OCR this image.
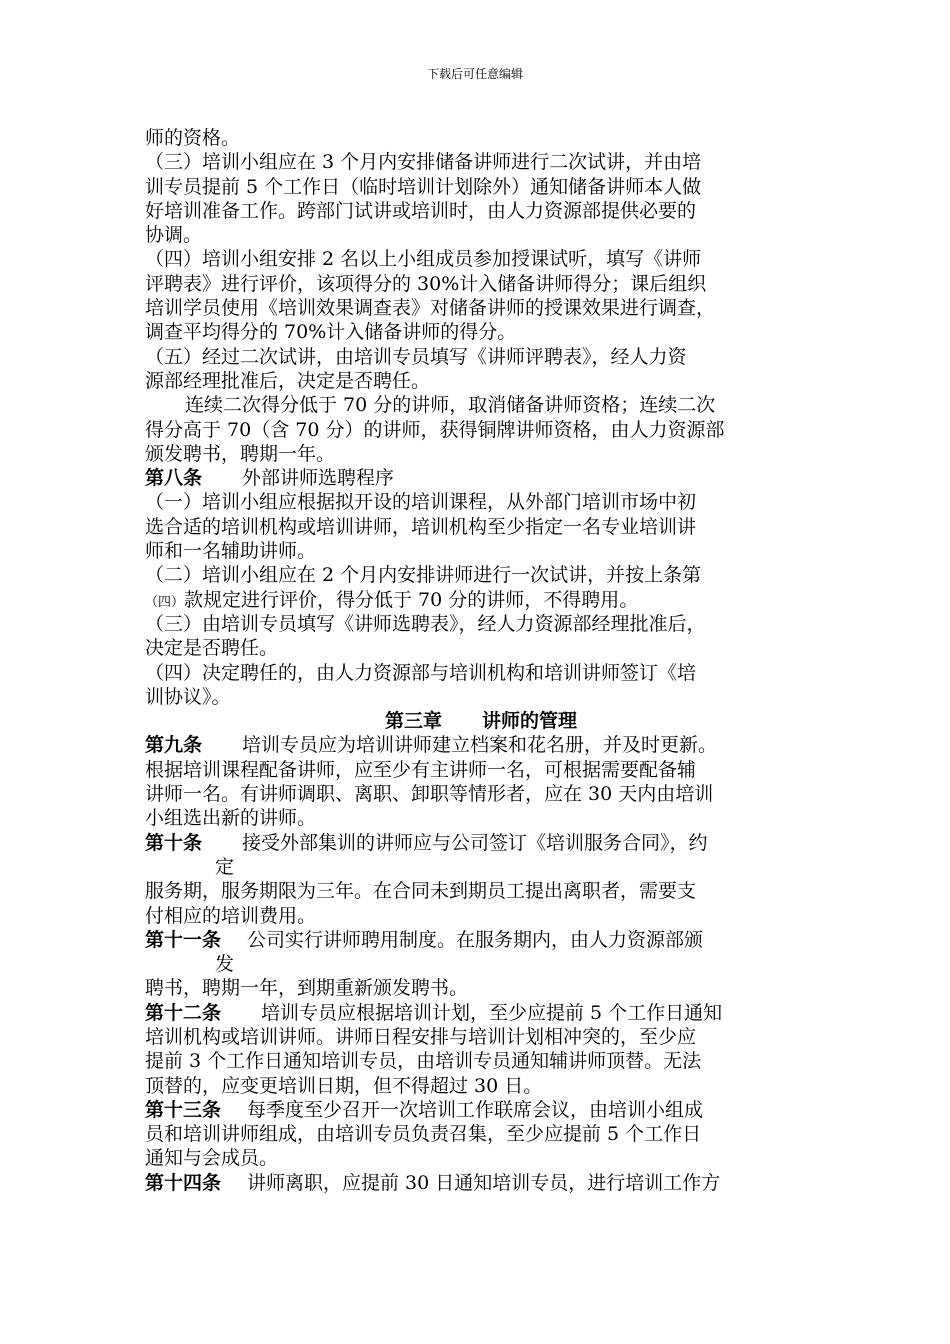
下载后可任意编辑
师的资格。
（三）培训小组应在 3 个月内安排储备讲师进行二次试讲，并由培
训专员提前 5 个工作日（临时培训计划除外）通知储备讲师本人做
好培训准备工作。跨部门试讲或培训时，由人力资源部提供必要的
协调。
（四）培训小组安排 2 名以上小组成员参加授课试听，填写《讲师
评聘表》进行评价，该项得分的 30%计入储备讲师得分；课后组织
培训学员使用《培训效果调查表》对储备讲师的授课效果进行调查，
调查平均得分的 70%计入储备讲师的得分。
（五）经过二次试讲，由培训专员填写《讲师评聘表》，经人力资
源部经理批准后，决定是否聘任。
连续二次得分低于 70 分的讲师，取消储备讲师资格；连续二次
得分高于 70（含 70 分）的讲师，获得铜牌讲师资格，由人力资源部
颁发聘书，聘期一年。
第八条 外部讲师选聘程序
（一）培训小组应根据拟开设的培训课程，从外部门培训市场中初
选合适的培训机构或培训讲师，培训机构至少指定一名专业培训讲
师和一名辅助讲师。
（二）培训小组应在 2 个月内安排讲师进行一次试讲，并按上条第
（四）款规定进行评价，得分低于 70 分的讲师，不得聘用。
（三）由培训专员填写《讲师选聘表》，经人力资源部经理批准后，
决定是否聘任。
（四）决定聘任的，由人力资源部与培训机构和培训讲师签订《培
训协议》。
第三章 讲师的管理
第九条 培训专员应为培训讲师建立档案和花名册，并及时更新。
根据培训课程配备讲师，应至少有主讲师一名，可根据需要配备辅
讲师一名。有讲师调职、离职、卸职等情形者，应在 30 天内由培训
小组选出新的讲师。
第十条 接受外部集训的讲师应与公司签订《培训服务合同》，约
定
服务期，服务期限为三年。在合同未到期员工提出离职者，需要支
付相应的培训费用。
第十一条 公司实行讲师聘用制度。在服务期内，由人力资源部颁
发
聘书，聘期一年，到期重新颁发聘书。
第十二条 培训专员应根据培训计划，至少应提前 5 个工作日通知
培训机构或培训讲师。讲师日程安排与培训计划相冲突的，至少应
提前 3 个工作日通知培训专员，由培训专员通知辅讲师顶替。无法
顶替的，应变更培训日期，但不得超过 30 日。
第十三条 每季度至少召开一次培训工作联席会议，由培训小组成
员和培训讲师组成，由培训专员负责召集，至少应提前 5 个工作日
通知与会成员。
第十四条 讲师离职，应提前 30 日通知培训专员，进行培训工作方
